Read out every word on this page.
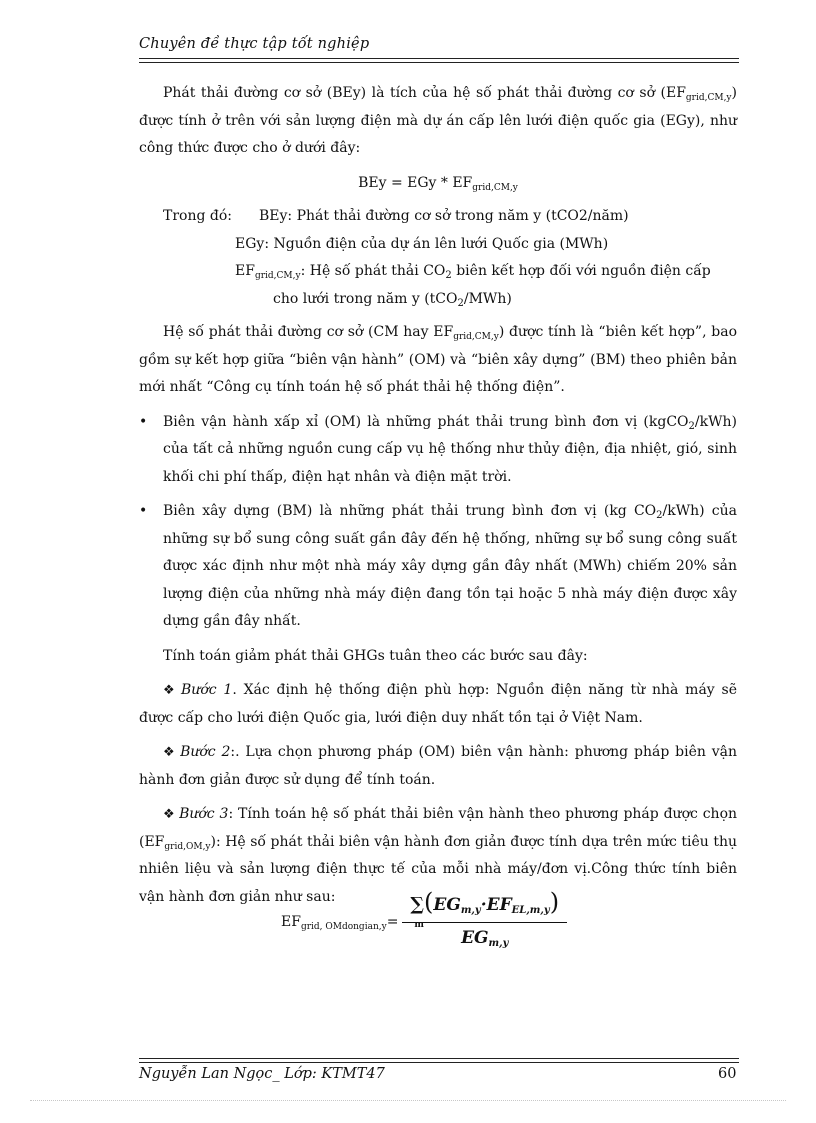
Chuyên đề thực tập tốt nghiệp

Phát thải đường cơ sở (BEy) là tích của hệ số phát thải đường cơ sở $(EF_{grid,CM,y})$ được tính ở trên với sản lượng điện mà dự án cấp lên lưới điện quốc gia (EGy), như công thức được cho ở dưới đây:

BEy = EGy * $EF_{grid,CM,y}$
Trong đó:	BEy: Phát thải đường cơ sở trong năm y (tCO2/năm)
EGy: Nguồn điện của dự án lên lưới Quốc gia (MWh)
$EF_{grid,CM,y}$: Hệ số phát thải $CO_2$ biên kết hợp đối với nguồn điện cấp
cho lưới trong năm y (tCO$_2$/MWh)

Hệ số phát thải đường cơ sở (CM hay $EF_{grid,CM,y}$) được tính là “biên kết hợp”, bao gồm sự kết hợp giữa “biên vận hành” (OM) và “biên xây dựng” (BM) theo phiên bản mới nhất “Công cụ tính toán hệ số phát thải hệ thống điện”.

•	Biên vận hành xấp xỉ (OM) là những phát thải trung bình đơn vị (kgCO$_2$/kWh) của tất cả những nguồn cung cấp vụ hệ thống như thủy điện, địa nhiệt, gió, sinh khối chi phí thấp, điện hạt nhân và điện mặt trời.
•	Biên xây dựng (BM) là những phát thải trung bình đơn vị (kg $CO_2/kWh$) của những sự bổ sung công suất gần đây đến hệ thống, những sự bổ sung công suất được xác định như một nhà máy xây dựng gần đây nhất (MWh) chiếm 20% sản lượng điện của những nhà máy điện đang tồn tại hoặc 5 nhà máy điện được xây dựng gần đây nhất.

Tính toán giảm phát thải GHGs tuân theo các bước sau đây:

❖ Bước 1. Xác định hệ thống điện phù hợp: Nguồn điện năng từ nhà máy sẽ được cấp cho lưới điện Quốc gia, lưới điện duy nhất tồn tại ở Việt Nam.

❖ Bước 2:. Lựa chọn phương pháp (OM) biên vận hành: phương pháp biên vận hành đơn giản được sử dụng để tính toán.

❖ Bước 3: Tính toán hệ số phát thải biên vận hành theo phương pháp được chọn $(EF_{grid,OM,y})$: Hệ số phát thải biên vận hành đơn giản được tính dựa trên mức tiêu thụ nhiên liệu và sản lượng điện thực tế của mỗi nhà máy/đơn vị.Công thức tính biên vận hành đơn giản như sau:

$EF_{grid, OMdongian,y}=$ ∑
m
$(EG_{m,y}\cdot EF_{EL,m,y})$
$EG_{m,y}$
Nguyễn Lan Ngọc_ Lớp: KTMT47	60
